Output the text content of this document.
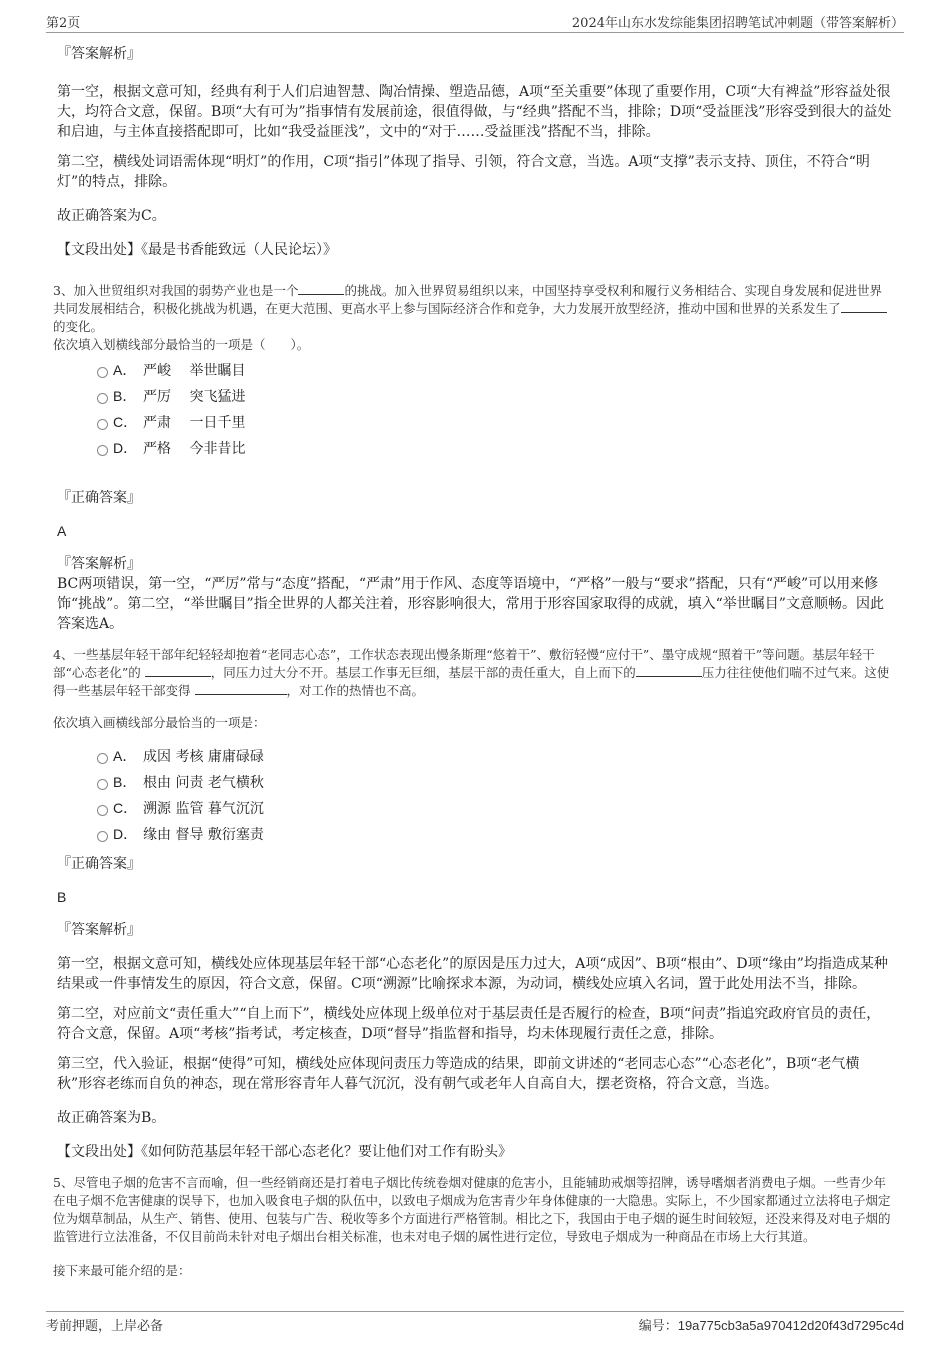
第2页	2024年山东水发综能集团招聘笔试冲刺题（带答案解析）

『答案解析』

第一空，根据文意可知，经典有利于人们启迪智慧、陶冶情操、塑造品德，A项“至关重要”体现了重要作用，C项“大有裨益”形容益处很大，均符合文意，保留。B项“大有可为”指事情有发展前途，很值得做，与“经典”搭配不当，排除；D项“受益匪浅”形容受到很大的益处和启迪，与主体直接搭配即可，比如“我受益匪浅”，文中的“对于……受益匪浅”搭配不当，排除。

第二空，横线处词语需体现“明灯”的作用，C项“指引”体现了指导、引领，符合文意，当选。A项“支撑”表示支持、顶住，不符合“明灯”的特点，排除。

故正确答案为C。

【文段出处】《最是书香能致远（人民论坛）》

3、加入世贸组织对我国的弱势产业也是一个	的挑战。加入世界贸易组织以来，中国坚持享受权利和履行义务相结合、实现自身发展和促进世界共同发展相结合，积极化挑战为机遇，在更大范围、更高水平上参与国际经济合作和竞争，大力发展开放型经济，推动中国和世界的关系发生了的变化。

依次填入划横线部分最恰当的一项是（　　）。

A． 严峻　 举世瞩目
B． 严厉　 突飞猛进
C． 严肃　 一日千里
D． 严格　 今非昔比

『正确答案』

A

『答案解析』

BC两项错误，第一空，“严厉”常与“态度”搭配，“严肃”用于作风、态度等语境中，“严格”一般与“要求”搭配，只有“严峻”可以用来修饰“挑战”。第二空，“举世瞩目”指全世界的人都关注着，形容影响很大，常用于形容国家取得的成就，填入“举世瞩目”文意顺畅。因此答案选A。

4、一些基层年轻干部年纪轻轻却抱着“老同志心态”，工作状态表现出慢条斯理“悠着干”、敷衍轻慢“应付干”、墨守成规“照着干”等问题。基层年轻干部“心态老化”的	，同压力过大分不开。基层工作事无巨细，基层干部的责任重大，自上而下的	压力往往使他们喘不过气来。这使得一些基层年轻干部变得	，对工作的热情也不高。

依次填入画横线部分最恰当的一项是：

A． 成因 考核 庸庸碌碌
B． 根由 问责 老气横秋
C． 溯源 监管 暮气沉沉
D． 缘由 督导 敷衍塞责

『正确答案』

B

『答案解析』

第一空，根据文意可知，横线处应体现基层年轻干部“心态老化”的原因是压力过大，A项“成因”、B项“根由”、D项“缘由”均指造成某种结果或一件事情发生的原因，符合文意，保留。C项“溯源”比喻探求本源，为动词，横线处应填入名词，置于此处用法不当，排除。

第二空，对应前文“责任重大”“自上而下”，横线处应体现上级单位对于基层责任是否履行的检查，B项“问责”指追究政府官员的责任，符合文意，保留。A项“考核”指考试，考定核查，D项“督导”指监督和指导，均未体现履行责任之意，排除。

第三空，代入验证，根据“使得”可知，横线处应体现问责压力等造成的结果，即前文讲述的“老同志心态”“心态老化”，B项“老气横秋”形容老练而自负的神态，现在常形容青年人暮气沉沉，没有朝气或老年人自高自大，摆老资格，符合文意，当选。

故正确答案为B。

【文段出处】《如何防范基层年轻干部心态老化？要让他们对工作有盼头》

5、尽管电子烟的危害不言而喻，但一些经销商还是打着电子烟比传统卷烟对健康的危害小，且能辅助戒烟等招牌，诱导嗜烟者消费电子烟。一些青少年在电子烟不危害健康的误导下，也加入吸食电子烟的队伍中，以致电子烟成为危害青少年身体健康的一大隐患。实际上，不少国家都通过立法将电子烟定位为烟草制品，从生产、销售、使用、包装与广告、税收等多个方面进行严格管制。相比之下，我国由于电子烟的诞生时间较短，还没来得及对电子烟的监管进行立法准备，不仅目前尚未针对电子烟出台相关标准，也未对电子烟的属性进行定位，导致电子烟成为一种商品在市场上大行其道。

接下来最可能介绍的是：

考前押题，上岸必备	编号：19a775cb3a5a970412d20f43d7295c4d
